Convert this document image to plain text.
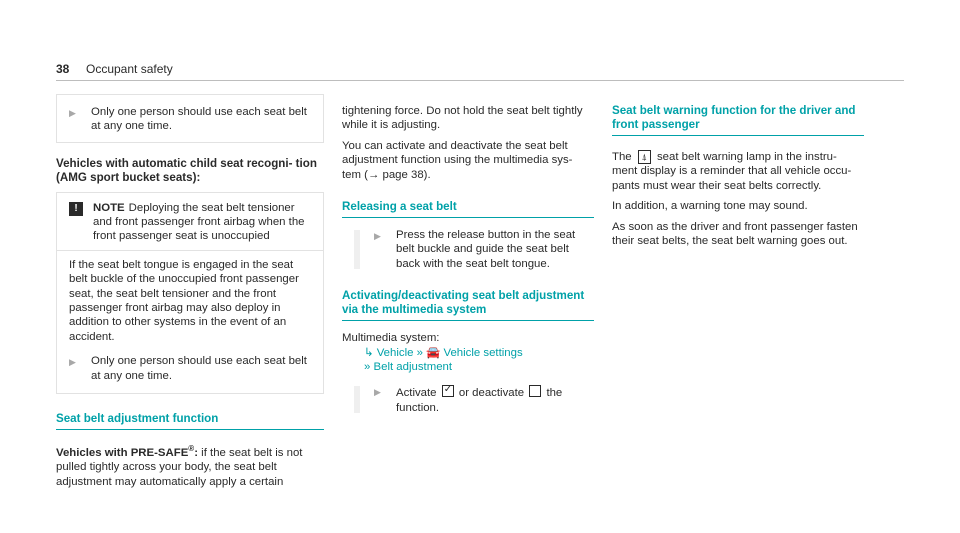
38 Occupant safety
▶	Only one person should use each seat belt at any one time.
Vehicles with automatic child seat recogni- tion (AMG sport bucket seats):
!	NOTE Deploying the seat belt tensioner and front passenger front airbag when the front passenger seat is unoccupied
If the seat belt tongue is engaged in the seat belt buckle of the unoccupied front passenger seat, the seat belt tensioner and the front passenger front airbag may also deploy in addition to other systems in the event of an accident.
▶	Only one person should use each seat belt at any one time.
Seat belt adjustment function

Vehicles with PRE-SAFE®: if the seat belt is not pulled tightly across your body, the seat belt adjustment may automatically apply a certain

tightening force. Do not hold the seat belt tightly while it is adjusting.

You can activate and deactivate the seat belt adjustment function using the multimedia sys- tem (→ page 38).

Releasing a seat belt
▶	Press the release button in the seat belt buckle and guide the seat belt back with the seat belt tongue.
Activating/deactivating seat belt adjustment via the multimedia system

Multimedia system:

↳ Vehicle » 🚘 Vehicle settings

» Belt adjustment

▶	Activate ✓ or deactivate the function.
Seat belt warning function for the driver and front passenger

The ⍋ seat belt warning lamp in the instru- ment display is a reminder that all vehicle occu- pants must wear their seat belts correctly.

In addition, a warning tone may sound.

As soon as the driver and front passenger fasten their seat belts, the seat belt warning goes out.
